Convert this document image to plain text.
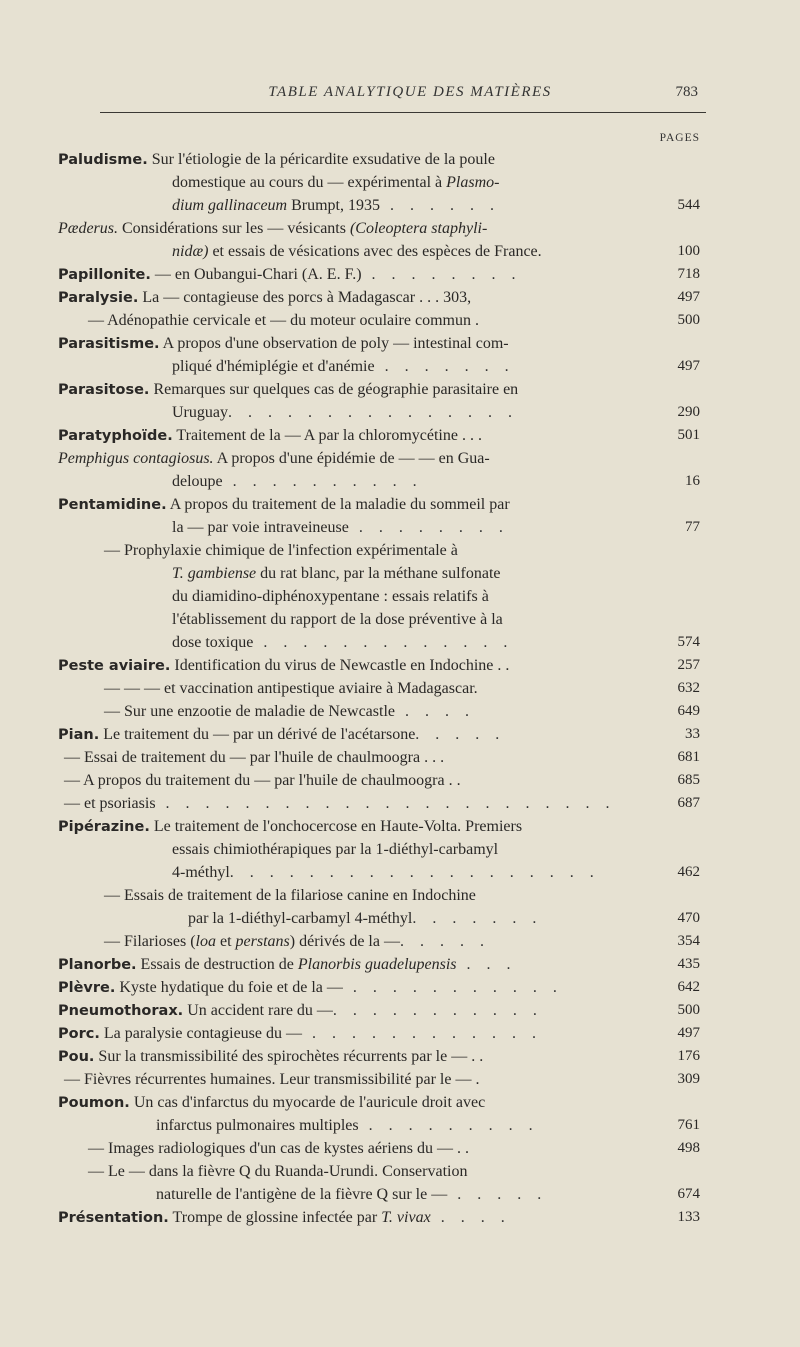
TABLE ANALYTIQUE DES MATIÈRES	783
PAGES
Paludisme. Sur l'étiologie de la péricardite exsudative de la poule
domestique au cours du — expérimental à Plasmo-
dium gallinaceum Brumpt, 1935 . . . . . .	544
Pæderus. Considérations sur les — vésicants (Coleoptera staphyli-
nidæ) et essais de vésications avec des espèces de France.	100
Papillonite. — en Oubangui-Chari (A. E. F.) . . . . . . . .	718
Paralysie. La — contagieuse des porcs à Madagascar . . . 303,	497
— Adénopathie cervicale et — du moteur oculaire commun .	500
Parasitisme. A propos d'une observation de poly — intestinal com-
pliqué d'hémiplégie et d'anémie . . . . . . .	497
Parasitose. Remarques sur quelques cas de géographie parasitaire en
Uruguay. . . . . . . . . . . . . . .	290
Paratyphoïde. Traitement de la — A par la chloromycétine . . .	501
Pemphigus contagiosus. A propos d'une épidémie de — — en Gua-
deloupe . . . . . . . . . .	16
Pentamidine. A propos du traitement de la maladie du sommeil par
la — par voie intraveineuse . . . . . . . .	77
— Prophylaxie chimique de l'infection expérimentale à
T. gambiense du rat blanc, par la méthane sulfonate
du diamidino-diphénoxypentane : essais relatifs à
l'établissement du rapport de la dose préventive à la
dose toxique . . . . . . . . . . . . .	574
Peste aviaire. Identification du virus de Newcastle en Indochine . .	257
— — — et vaccination antipestique aviaire à Madagascar.	632
— Sur une enzootie de maladie de Newcastle . . . .	649
Pian. Le traitement du — par un dérivé de l'acétarsone. . . . .	33
— Essai de traitement du — par l'huile de chaulmoogra . . .	681
— A propos du traitement du — par l'huile de chaulmoogra . .	685
— et psoriasis . . . . . . . . . . . . . . . . . . . . . . .	687
Pipérazine. Le traitement de l'onchocercose en Haute-Volta. Premiers
essais chimiothérapiques par la 1-diéthyl-carbamyl
4-méthyl. . . . . . . . . . . . . . . . . . .	462
— Essais de traitement de la filariose canine en Indochine
par la 1-diéthyl-carbamyl 4-méthyl. . . . . . .	470
— Filarioses (loa et perstans) dérivés de la —. . . . .	354
Planorbe. Essais de destruction de Planorbis guadelupensis . . .	435
Plèvre. Kyste hydatique du foie et de la — . . . . . . . . . . .	642
Pneumothorax. Un accident rare du —. . . . . . . . . . .	500
Porc. La paralysie contagieuse du — . . . . . . . . . . . .	497
Pou. Sur la transmissibilité des spirochètes récurrents par le — . .	176
— Fièvres récurrentes humaines. Leur transmissibilité par le — .	309
Poumon. Un cas d'infarctus du myocarde de l'auricule droit avec
infarctus pulmonaires multiples . . . . . . . . .	761
— Images radiologiques d'un cas de kystes aériens du — . .	498
— Le — dans la fièvre Q du Ruanda-Urundi. Conservation
naturelle de l'antigène de la fièvre Q sur le — . . . . .	674
Présentation. Trompe de glossine infectée par T. vivax . . . .	133
